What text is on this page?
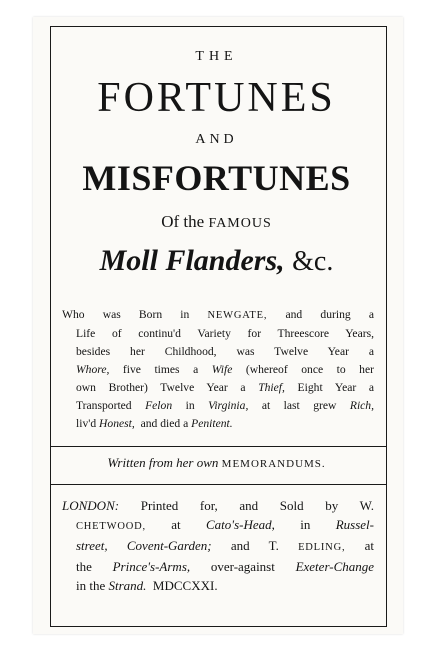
THE
FORTUNES
AND
MISFORTUNES
Of the FAMOUS
Moll Flanders, &c.
Who was Born in NEWGATE, and during a
Life of continu'd Variety for Threescore Years,
besides her Childhood, was Twelve Year a
Whore, five times a Wife (whereof once to her
own Brother) Twelve Year a Thief, Eight Year a
Transported Felon in Virginia, at last grew Rich,
liv'd Honest, and died a Penitent.
Written from her own MEMORANDUMS.
LONDON: Printed for, and Sold by W.
CHETWOOD, at Cato's-Head, in Russel-
street, Covent-Garden; and T. EDLING, at
the Prince's-Arms, over-against Exeter-Change
in the Strand. MDCCXXI.
